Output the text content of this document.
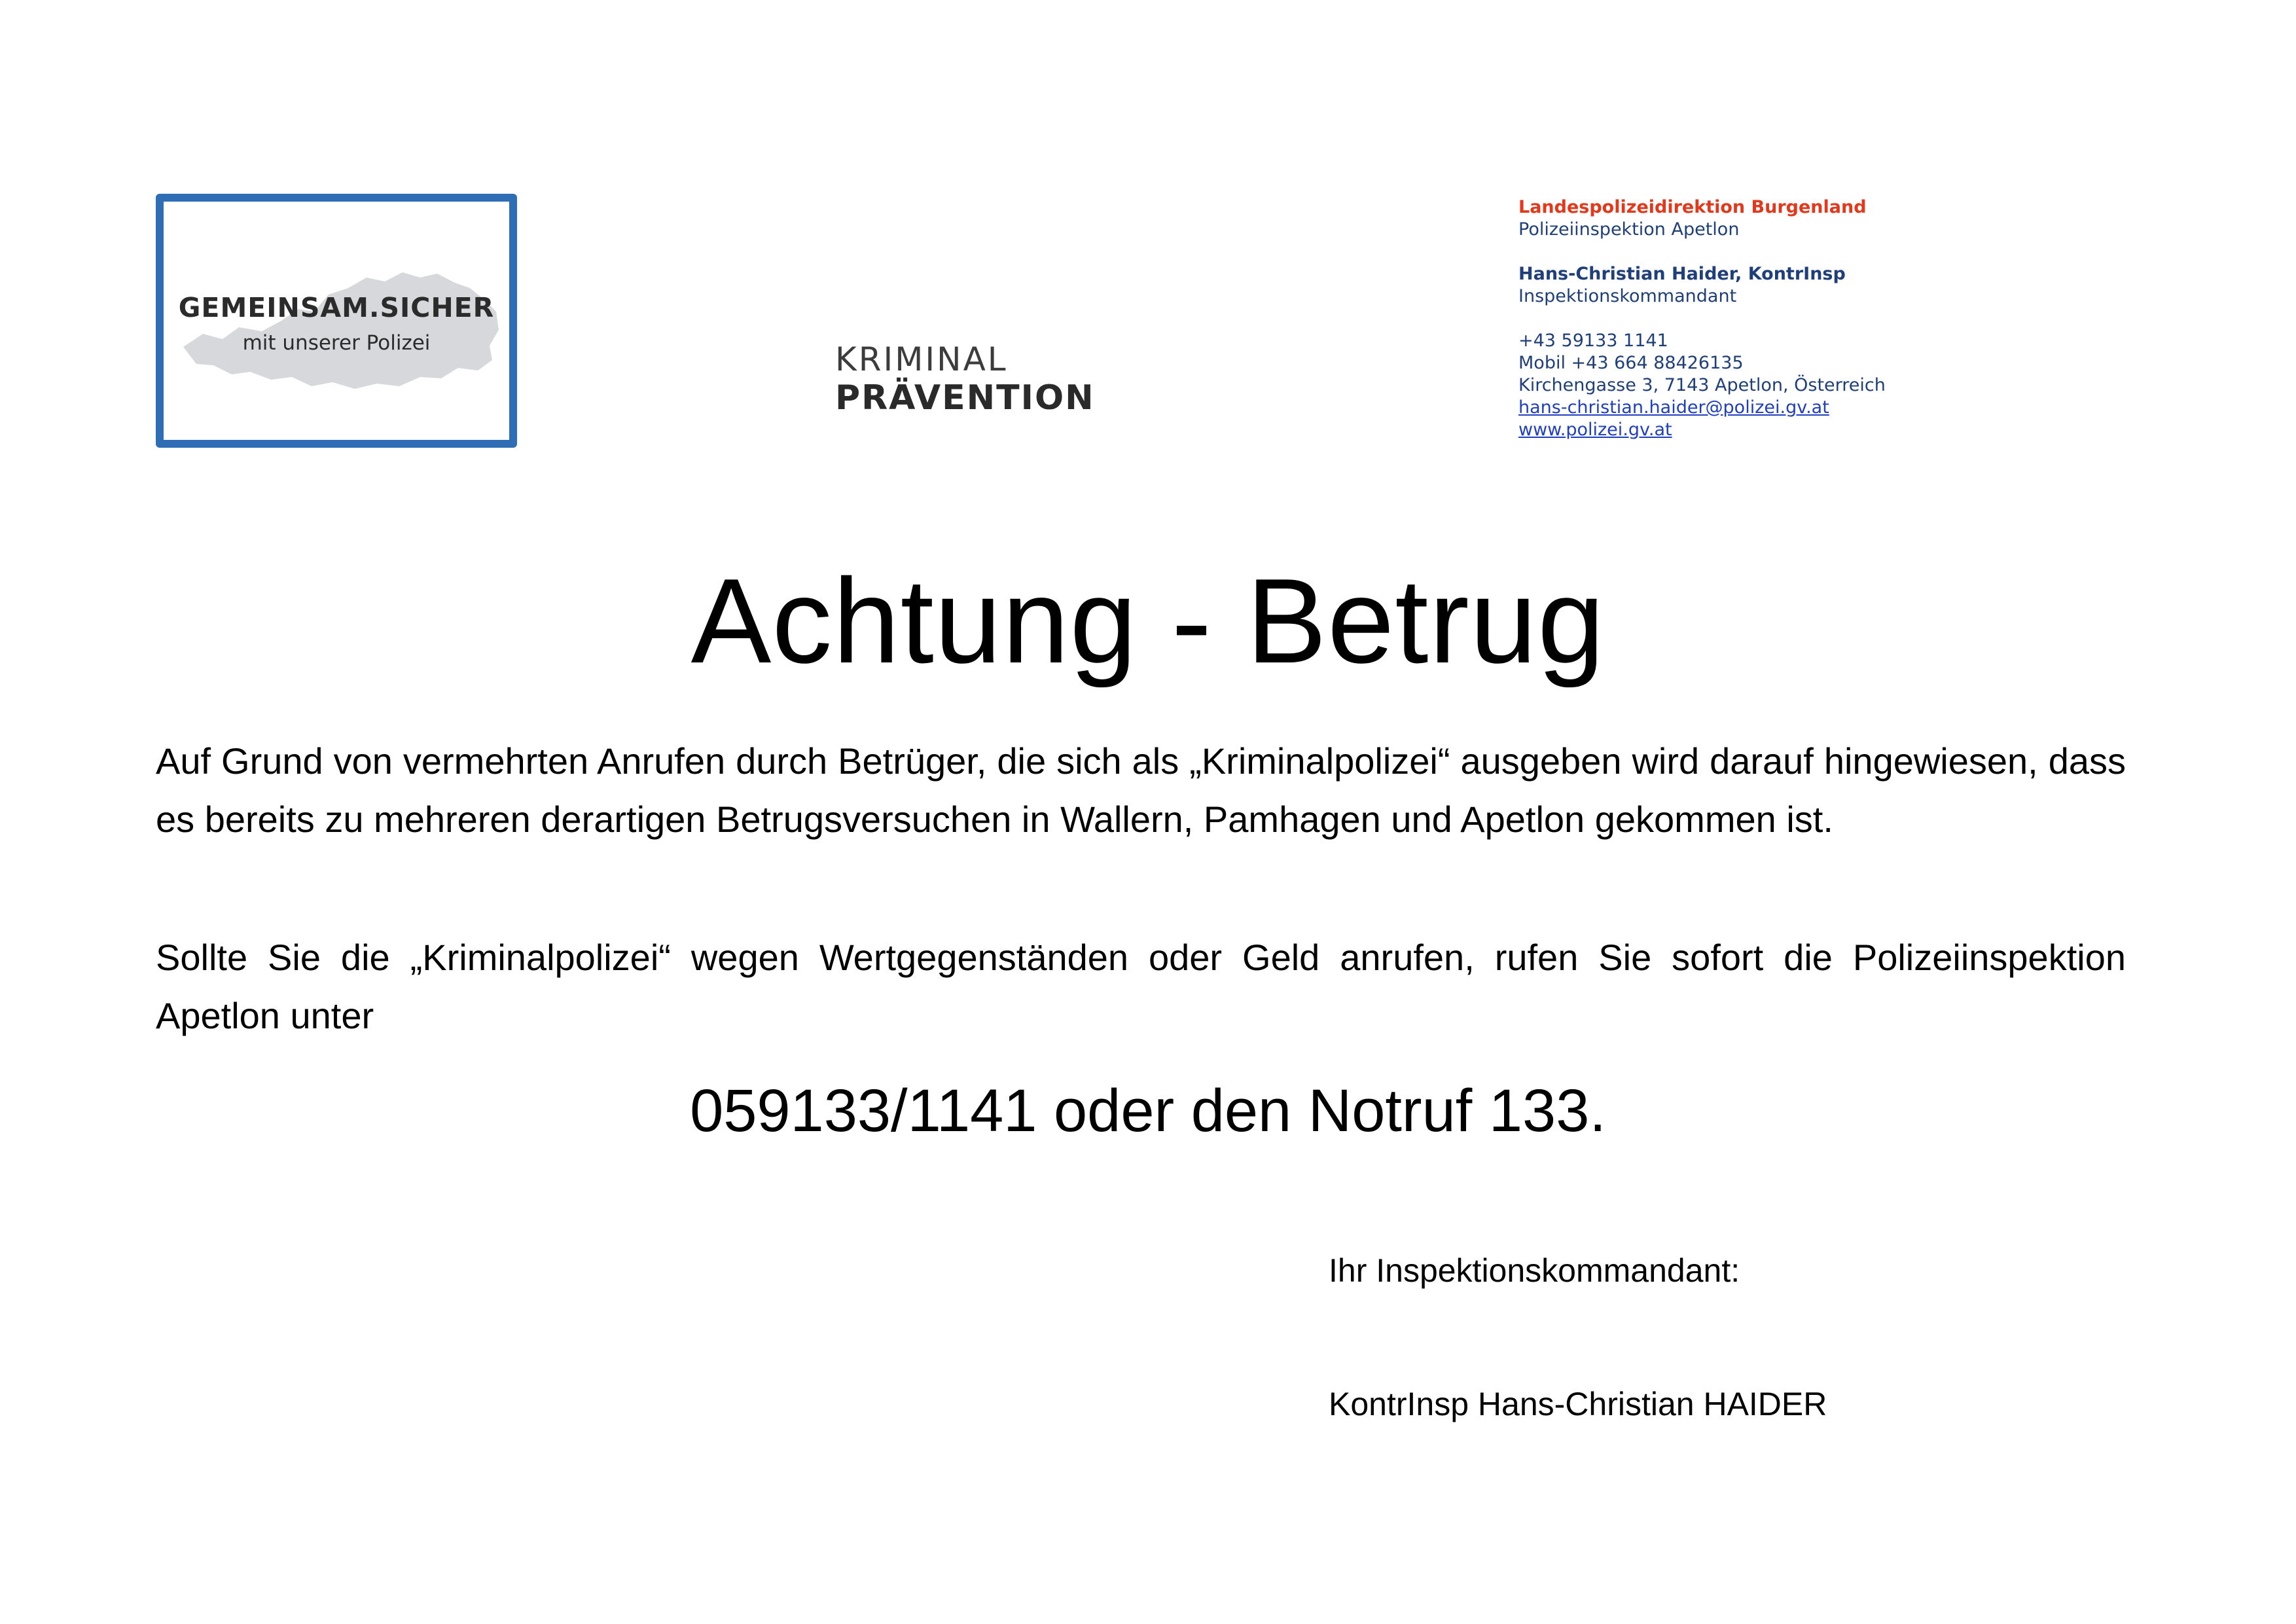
GEMEINSAM.SICHER
mit unserer Polizei	KRIMINAL
PRÄVENTION
Landespolizeidirektion Burgenland
Polizeiinspektion Apetlon
Hans-Christian Haider, KontrInsp
Inspektionskommandant
+43 59133 1141
Mobil +43 664 88426135
Kirchengasse 3, 7143 Apetlon, Österreich
hans-christian.haider@polizei.gv.at
www.polizei.gv.at
Achtung - Betrug
Auf Grund von vermehrten Anrufen durch Betrüger, die sich als „Kriminalpolizei“ ausgeben wird darauf hingewiesen, dass es bereits zu mehreren derartigen Betrugsversuchen in Wallern, Pamhagen und Apetlon gekommen ist.
Sollte Sie die „Kriminalpolizei“ wegen Wertgegenständen oder Geld anrufen, rufen Sie sofort die Polizeiinspektion Apetlon unter
059133/1141 oder den Notruf 133.
Ihr Inspektionskommandant:
KontrInsp Hans-Christian HAIDER
